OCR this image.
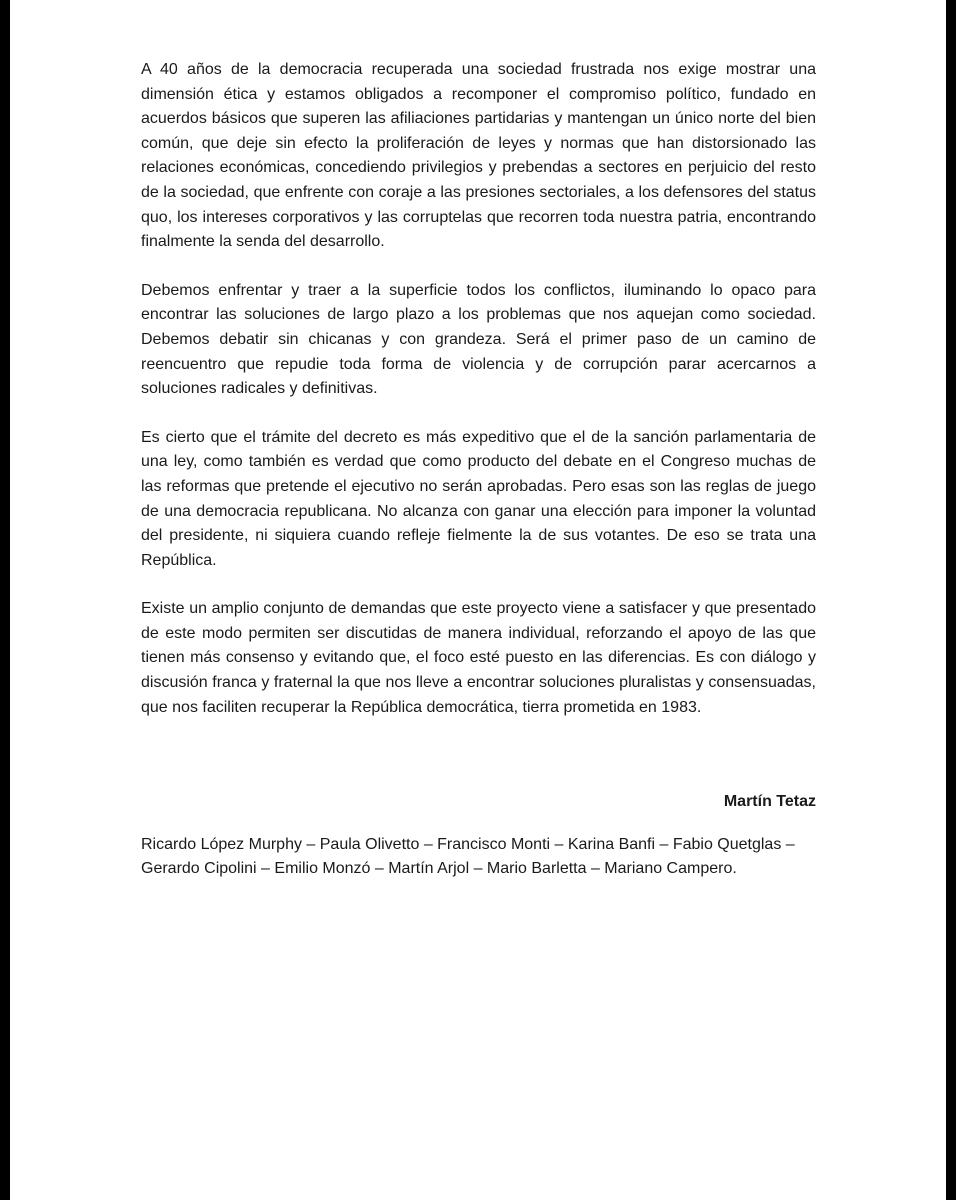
A 40 años de la democracia recuperada una sociedad frustrada nos exige mostrar una dimensión ética y estamos obligados a recomponer el compromiso político, fundado en acuerdos básicos que superen las afiliaciones partidarias y mantengan un único norte del bien común, que deje sin efecto la proliferación de leyes y normas que han distorsionado las relaciones económicas, concediendo privilegios y prebendas a sectores en perjuicio del resto de la sociedad, que enfrente con coraje a las presiones sectoriales, a los defensores del status quo, los intereses corporativos y las corruptelas que recorren toda nuestra patria, encontrando finalmente la senda del desarrollo.

Debemos enfrentar y traer a la superficie todos los conflictos, iluminando lo opaco para encontrar las soluciones de largo plazo a los problemas que nos aquejan como sociedad. Debemos debatir sin chicanas y con grandeza. Será el primer paso de un camino de reencuentro que repudie toda forma de violencia y de corrupción parar acercarnos a soluciones radicales y definitivas.

Es cierto que el trámite del decreto es más expeditivo que el de la sanción parlamentaria de una ley, como también es verdad que como producto del debate en el Congreso muchas de las reformas que pretende el ejecutivo no serán aprobadas. Pero esas son las reglas de juego de una democracia republicana. No alcanza con ganar una elección para imponer la voluntad del presidente, ni siquiera cuando refleje fielmente la de sus votantes. De eso se trata una República.

Existe un amplio conjunto de demandas que este proyecto viene a satisfacer y que presentado de este modo permiten ser discutidas de manera individual, reforzando el apoyo de las que tienen más consenso y evitando que, el foco esté puesto en las diferencias. Es con diálogo y discusión franca y fraternal la que nos lleve a encontrar soluciones pluralistas y consensuadas, que nos faciliten recuperar la República democrática, tierra prometida en 1983.

Martín Tetaz
Ricardo López Murphy – Paula Olivetto – Francisco Monti – Karina Banfi – Fabio Quetglas – Gerardo Cipolini – Emilio Monzó – Martín Arjol – Mario Barletta – Mariano Campero.
